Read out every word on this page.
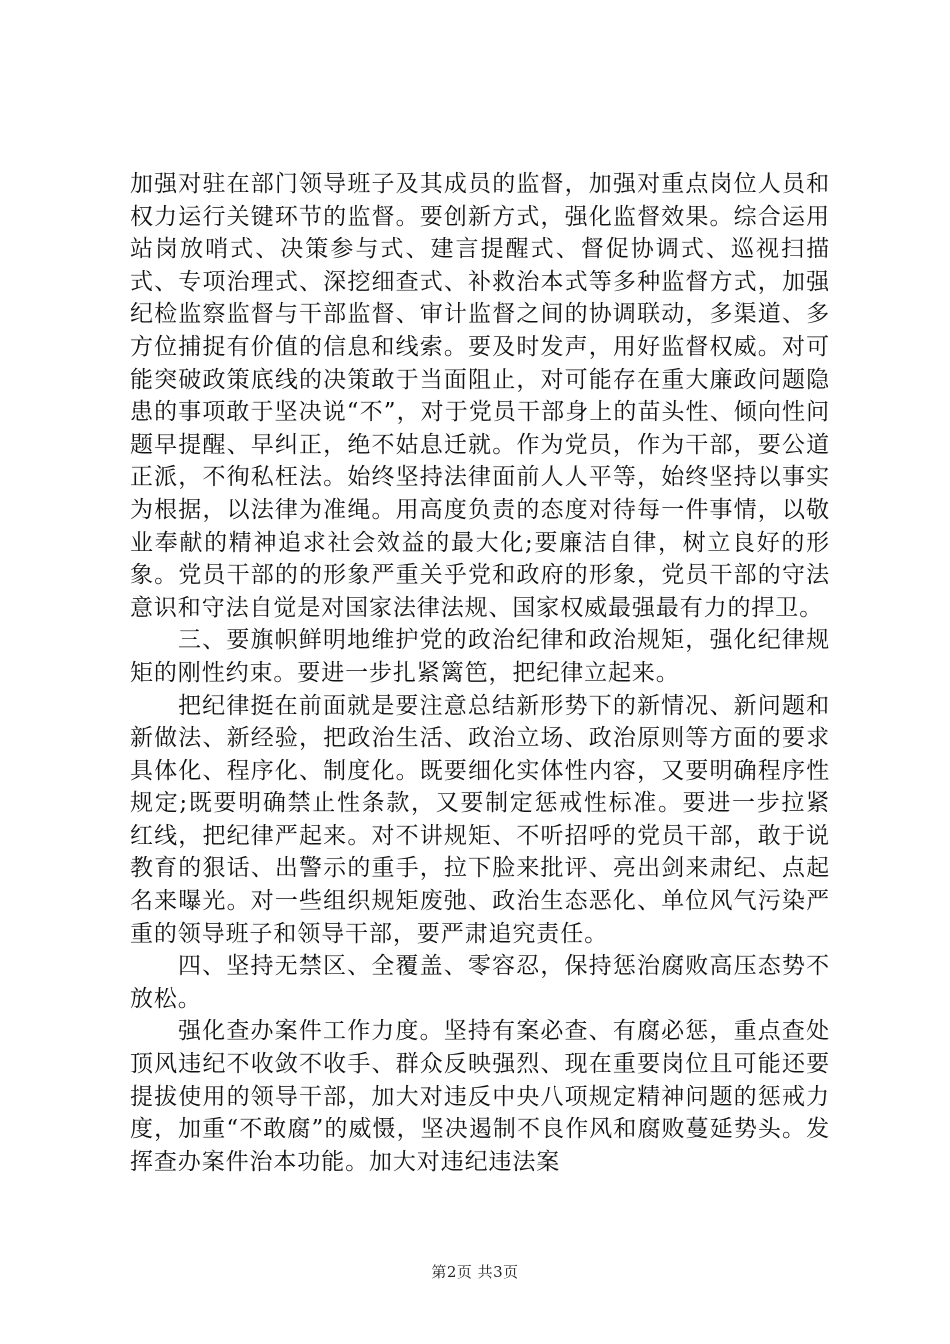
加强对驻在部门领导班子及其成员的监督，加强对重点岗位人员和权力运行关键环节的监督。要创新方式，强化监督效果。综合运用站岗放哨式、决策参与式、建言提醒式、督促协调式、巡视扫描式、专项治理式、深挖细查式、补救治本式等多种监督方式，加强纪检监察监督与干部监督、审计监督之间的协调联动，多渠道、多方位捕捉有价值的信息和线索。要及时发声，用好监督权威。对可能突破政策底线的决策敢于当面阻止，对可能存在重大廉政问题隐患的事项敢于坚决说“不”，对于党员干部身上的苗头性、倾向性问题早提醒、早纠正，绝不姑息迁就。作为党员，作为干部，要公道正派，不徇私枉法。始终坚持法律面前人人平等，始终坚持以事实为根据，以法律为准绳。用高度负责的态度对待每一件事情，以敬业奉献的精神追求社会效益的最大化;要廉洁自律，树立良好的形象。党员干部的的形象严重关乎党和政府的形象，党员干部的守法意识和守法自觉是对国家法律法规、国家权威最强最有力的捍卫。

三、要旗帜鲜明地维护党的政治纪律和政治规矩，强化纪律规矩的刚性约束。要进一步扎紧篱笆，把纪律立起来。

把纪律挺在前面就是要注意总结新形势下的新情况、新问题和新做法、新经验，把政治生活、政治立场、政治原则等方面的要求具体化、程序化、制度化。既要细化实体性内容，又要明确程序性规定;既要明确禁止性条款，又要制定惩戒性标准。要进一步拉紧红线，把纪律严起来。对不讲规矩、不听招呼的党员干部，敢于说教育的狠话、出警示的重手，拉下脸来批评、亮出剑来肃纪、点起名来曝光。对一些组织规矩废弛、政治生态恶化、单位风气污染严重的领导班子和领导干部，要严肃追究责任。

四、坚持无禁区、全覆盖、零容忍，保持惩治腐败高压态势不放松。

强化查办案件工作力度。坚持有案必查、有腐必惩，重点查处顶风违纪不收敛不收手、群众反映强烈、现在重要岗位且可能还要提拔使用的领导干部，加大对违反中央八项规定精神问题的惩戒力度，加重“不敢腐”的威慑，坚决遏制不良作风和腐败蔓延势头。发挥查办案件治本功能。加大对违纪违法案

第2页 共3页
